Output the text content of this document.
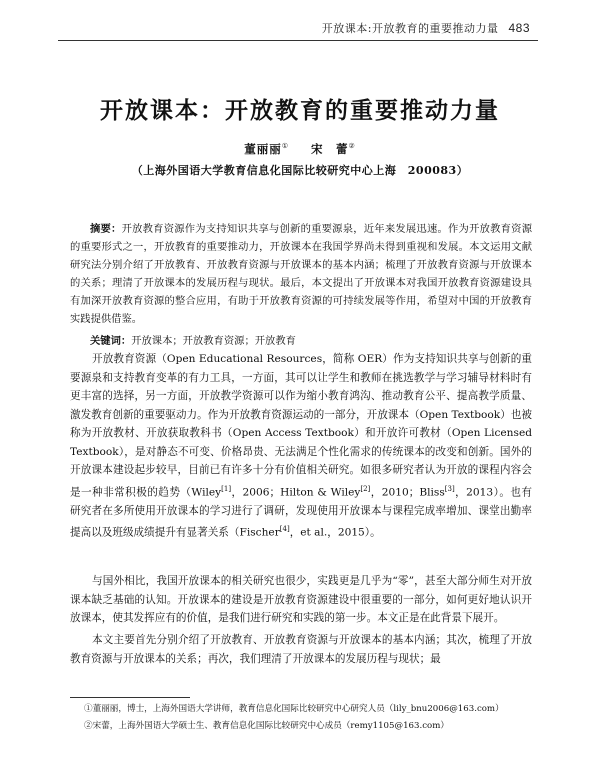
开放课本:开放教育的重要推动力量 483
开放课本：开放教育的重要推动力量
董丽丽① 宋　蕾②
（上海外国语大学教育信息化国际比较研究中心上海　200083）
摘要：开放教育资源作为支持知识共享与创新的重要源泉，近年来发展迅速。作为开放教育资源的重要形式之一，开放教育的重要推动力，开放课本在我国学界尚未得到重视和发展。本文运用文献研究法分别介绍了开放教育、开放教育资源与开放课本的基本内涵；梳理了开放教育资源与开放课本的关系；理清了开放课本的发展历程与现状。最后，本文提出了开放课本对我国开放教育资源建设具有加深开放教育资源的整合应用，有助于开放教育资源的可持续发展等作用，希望对中国的开放教育实践提供借鉴。
关键词：开放课本；开放教育资源；开放教育
开放教育资源（Open Educational Resources，简称 OER）作为支持知识共享与创新的重要源泉和支持教育变革的有力工具，一方面，其可以让学生和教师在挑选教学与学习辅导材料时有更丰富的选择，另一方面，开放教学资源可以作为缩小教育鸿沟、推动教育公平、提高教学质量、激发教育创新的重要驱动力。作为开放教育资源运动的一部分，开放课本（Open Textbook）也被称为开放教材、开放获取教科书（Open Access Textbook）和开放许可教材（Open Licensed Textbook），是对静态不可变、价格昂贵、无法满足个性化需求的传统课本的改变和创新。国外的开放课本建设起步较早，目前已有许多十分有价值相关研究。如很多研究者认为开放的课程内容会是一种非常积极的趋势（Wiley[1]，2006；Hilton & Wiley[2]，2010；Bliss[3]，2013）。也有研究者在多所使用开放课本的学习进行了调研，发现使用开放课本与课程完成率增加、课堂出勤率提高以及班级成绩提升有显著关系（Fischer[4]，et al.，2015）。
与国外相比，我国开放课本的相关研究也很少，实践更是几乎为“零”，甚至大部分师生对开放课本缺乏基础的认知。开放课本的建设是开放教育资源建设中很重要的一部分，如何更好地认识开放课本，使其发挥应有的价值，是我们进行研究和实践的第一步。本文正是在此背景下展开。
本文主要首先分别介绍了开放教育、开放教育资源与开放课本的基本内涵；其次，梳理了开放教育资源与开放课本的关系；再次，我们理清了开放课本的发展历程与现状；最

①董丽丽，博士，上海外国语大学讲师，教育信息化国际比较研究中心研究人员（lily_bnu2006@163.com）

②宋蕾，上海外国语大学硕士生、教育信息化国际比较研究中心成员（remy1105@163.com）
